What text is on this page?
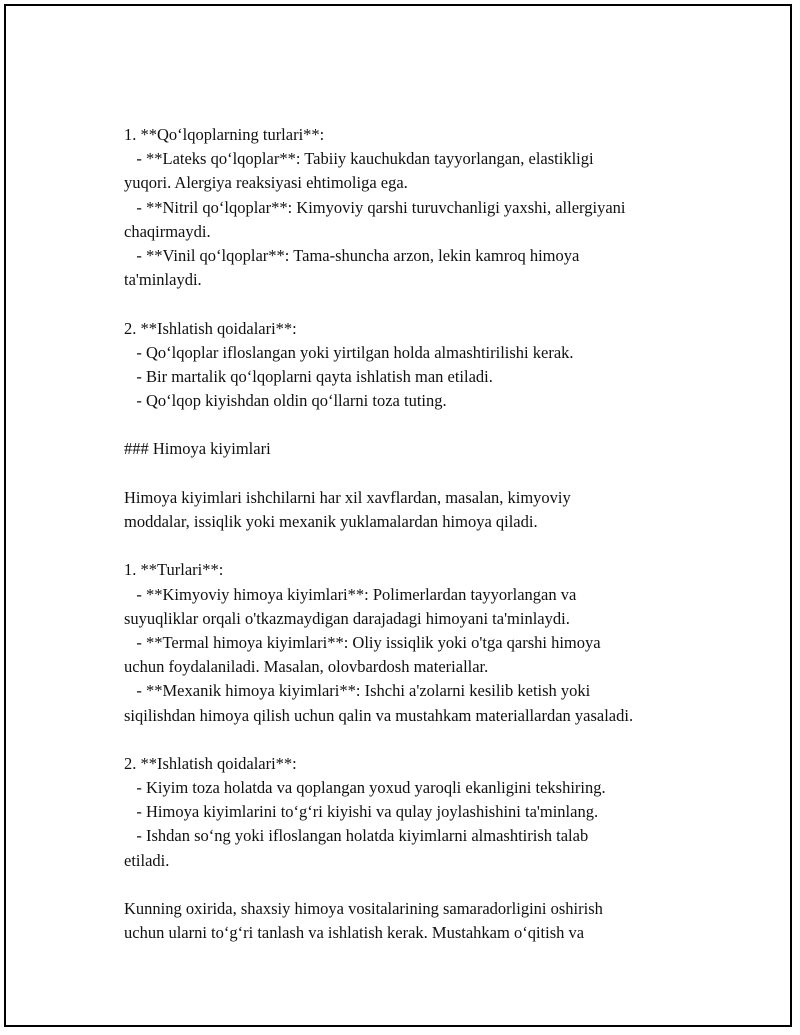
1. **Qo‘lqoplarning turlari**:
- **Lateks qo‘lqoplar**: Tabiiy kauchukdan tayyorlangan, elastikligi
yuqori. Alergiya reaksiyasi ehtimoliga ega.
- **Nitril qo‘lqoplar**: Kimyoviy qarshi turuvchanligi yaxshi, allergiyani
chaqirmaydi.
- **Vinil qo‘lqoplar**: Tama-shuncha arzon, lekin kamroq himoya
ta'minlaydi.
2. **Ishlatish qoidalari**:
- Qo‘lqoplar ifloslangan yoki yirtilgan holda almashtirilishi kerak.
- Bir martalik qo‘lqoplarni qayta ishlatish man etiladi.
- Qo‘lqop kiyishdan oldin qo‘llarni toza tuting.
### Himoya kiyimlari
Himoya kiyimlari ishchilarni har xil xavflardan, masalan, kimyoviy
moddalar, issiqlik yoki mexanik yuklamalardan himoya qiladi.
1. **Turlari**:
- **Kimyoviy himoya kiyimlari**: Polimerlardan tayyorlangan va
suyuqliklar orqali o'tkazmaydigan darajadagi himoyani ta'minlaydi.
- **Termal himoya kiyimlari**: Oliy issiqlik yoki o'tga qarshi himoya
uchun foydalaniladi. Masalan, olovbardosh materiallar.
- **Mexanik himoya kiyimlari**: Ishchi a'zolarni kesilib ketish yoki
siqilishdan himoya qilish uchun qalin va mustahkam materiallardan yasaladi.
2. **Ishlatish qoidalari**:
- Kiyim toza holatda va qoplangan yoxud yaroqli ekanligini tekshiring.
- Himoya kiyimlarini to‘g‘ri kiyishi va qulay joylashishini ta'minlang.
- Ishdan so‘ng yoki ifloslangan holatda kiyimlarni almashtirish talab
etiladi.
Kunning oxirida, shaxsiy himoya vositalarining samaradorligini oshirish
uchun ularni to‘g‘ri tanlash va ishlatish kerak. Mustahkam o‘qitish va
